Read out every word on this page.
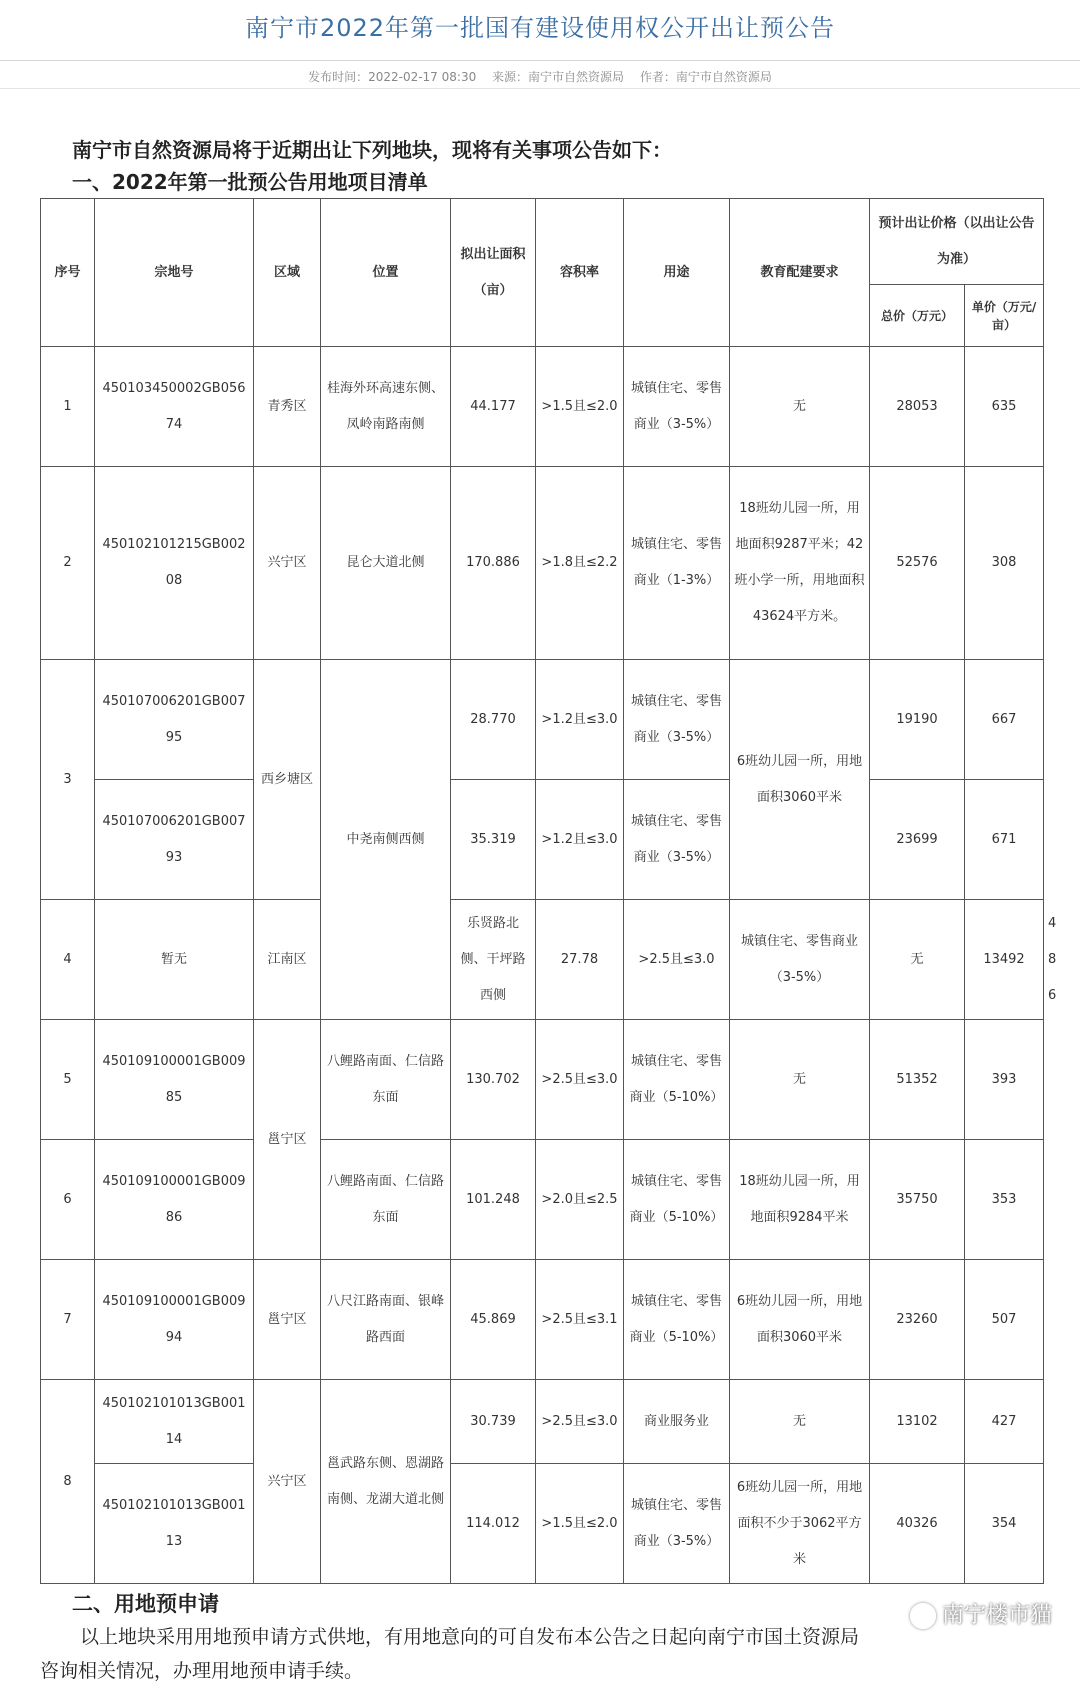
南宁市2022年第一批国有建设使用权公开出让预公告
发布时间：2022-02-17 08:30 来源：南宁市自然资源局 作者：南宁市自然资源局
南宁市自然资源局将于近期出让下列地块，现将有关事项公告如下：
一、2022年第一批预公告用地项目清单
序号	宗地号	区域	位置	拟出让面积（亩）	容积率	用途	教育配建要求	预计出让价格（以出让公告为准）		
								总价（万元）	单价（万元/亩）	
1	450103450002GB05674	青秀区	桂海外环高速东侧、凤岭南路南侧	44.177	>1.5且≤2.0	城镇住宅、零售商业（3-5%）	无	28053	635	
2	450102101215GB00208	兴宁区	昆仑大道北侧	170.886	>1.8且≤2.2	城镇住宅、零售商业（1-3%）	18班幼儿园一所，用地面积9287平米；42班小学一所，用地面积43624平方米。	52576	308	
3	450107006201GB00795	西乡塘区	中尧南侧西侧	28.770	>1.2且≤3.0	城镇住宅、零售商业（3-5%）	6班幼儿园一所，用地面积3060平米	19190	667	
	450107006201GB00793			35.319	>1.2且≤3.0	城镇住宅、零售商业（3-5%）		23699	671	
4	暂无	江南区		乐贤路北侧、干坪路西侧	27.78	>2.5且≤3.0	城镇住宅、零售商业（3-5%）	无	13492	486
5	450109100001GB00985	邕宁区	八鲤路南面、仁信路东面	130.702	>2.5且≤3.0	城镇住宅、零售商业（5-10%）	无	51352	393	
6	450109100001GB00986		八鲤路南面、仁信路东面	101.248	>2.0且≤2.5	城镇住宅、零售商业（5-10%）	18班幼儿园一所，用地面积9284平米	35750	353	
7	450109100001GB00994	邕宁区	八尺江路南面、银峰路西面	45.869	>2.5且≤3.1	城镇住宅、零售商业（5-10%）	6班幼儿园一所，用地面积3060平米	23260	507	
8	450102101013GB00114	兴宁区	邕武路东侧、恩湖路南侧、龙湖大道北侧	30.739	>2.5且≤3.0	商业服务业	无	13102	427	
	450102101013GB00113			114.012	>1.5且≤2.0	城镇住宅、零售商业（3-5%）	6班幼儿园一所，用地面积不少于3062平方米	40326	354	
二、用地预申请
以上地块采用用地预申请方式供地，有用地意向的可自发布本公告之日起向南宁市国土资源局
咨询相关情况，办理用地预申请手续。
南宁楼市猫
